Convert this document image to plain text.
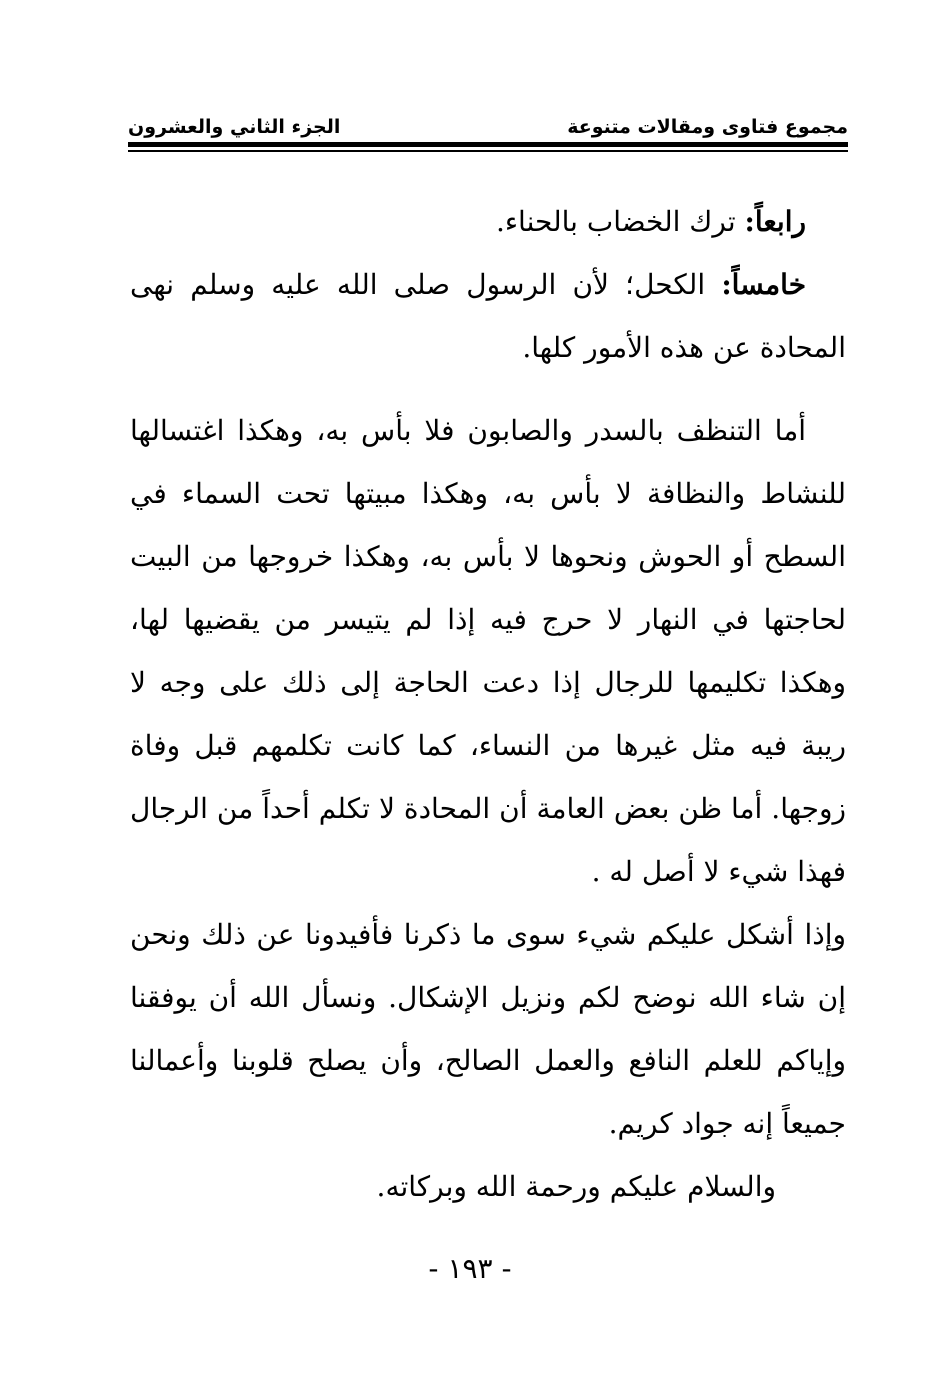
مجموع فتاوى ومقالات متنوعة
الجزء الثاني والعشرون

رابعاً: ترك الخضاب بالحناء.

خامساً: الكحل؛ لأن الرسول صلى الله عليه وسلم نهى المحادة عن هذه الأمور كلها.

أما التنظف بالسدر والصابون فلا بأس به، وهكذا اغتسالها للنشاط والنظافة لا بأس به، وهكذا مبيتها تحت السماء في السطح أو الحوش ونحوها لا بأس به، وهكذا خروجها من البيت لحاجتها في النهار لا حرج فيه إذا لم يتيسر من يقضيها لها، وهكذا تكليمها للرجال إذا دعت الحاجة إلى ذلك على وجه لا ريبة فيه مثل غيرها من النساء، كما كانت تكلمهم قبل وفاة زوجها. أما ظن بعض العامة أن المحادة لا تكلم أحداً من الرجال فهذا شيء لا أصل له .

وإذا أشكل عليكم شيء سوى ما ذكرنا فأفيدونا عن ذلك ونحن إن شاء الله نوضح لكم ونزيل الإشكال. ونسأل الله أن يوفقنا وإياكم للعلم النافع والعمل الصالح، وأن يصلح قلوبنا وأعمالنا جميعاً إنه جواد كريم.

والسلام عليكم ورحمة الله وبركاته.

- ١٩٣ -
